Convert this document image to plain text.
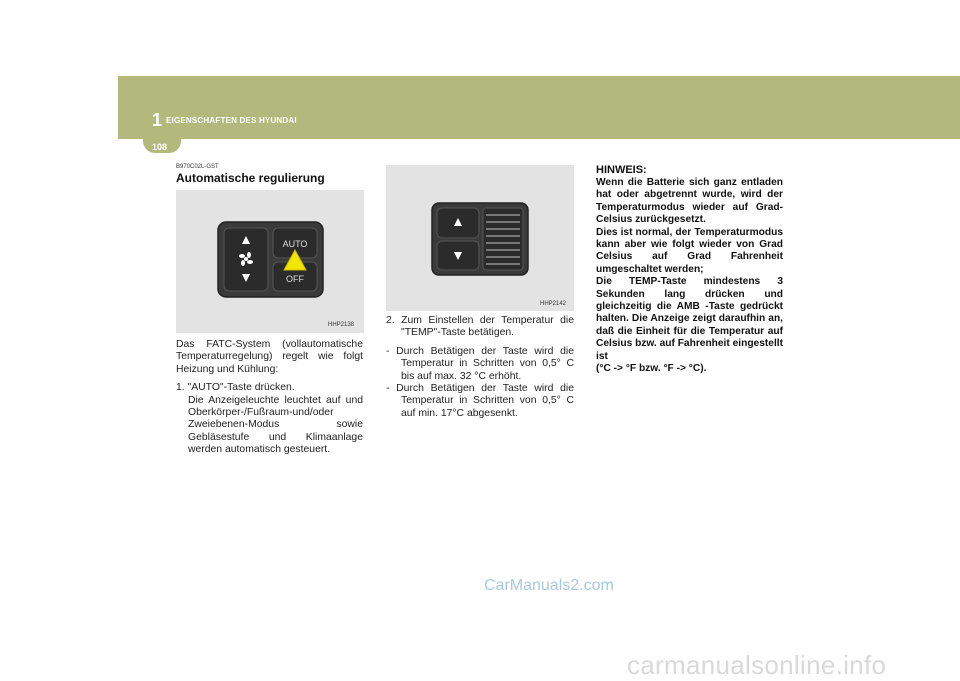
1 EIGENSCHAFTEN DES HYUNDAI
108
B970C02L-GST
Automatische regulierung
AUTO
OFF
HHP2138
HHP2142

Das FATC-System (vollautomatische Temperaturregelung) regelt wie folgt Heizung und Kühlung:

1. "AUTO"-Taste drücken.

Die Anzeigeleuchte leuchtet auf und Oberkörper-/Fußraum-und/oder Zweiebenen-Modus sowie Gebläsestufe und Klimaanlage werden automatisch gesteuert.

2. Zum Einstellen der Temperatur die "TEMP"-Taste betätigen.

- Durch Betätigen der Taste wird die Temperatur in Schritten von 0,5° C bis auf max. 32 °C erhöht.

- Durch Betätigen der Taste wird die Temperatur in Schritten von 0,5° C auf min. 17°C abgesenkt.

HINWEIS:

Wenn die Batterie sich ganz entladen hat oder abgetrennt wurde, wird der Temperaturmodus wieder auf Grad-Celsius zurückgesetzt.

Dies ist normal, der Temperaturmodus kann aber wie folgt wieder von Grad Celsius auf Grad Fahrenheit umgeschaltet werden;

Die TEMP-Taste mindestens 3 Sekunden lang drücken und gleichzeitig die AMB -Taste gedrückt halten. Die Anzeige zeigt daraufhin an, daß die Einheit für die Temperatur auf Celsius bzw. auf Fahrenheit eingestellt ist

(°C -> °F bzw. °F -> °C).

CarManuals2.com
carmanualsonline.info
